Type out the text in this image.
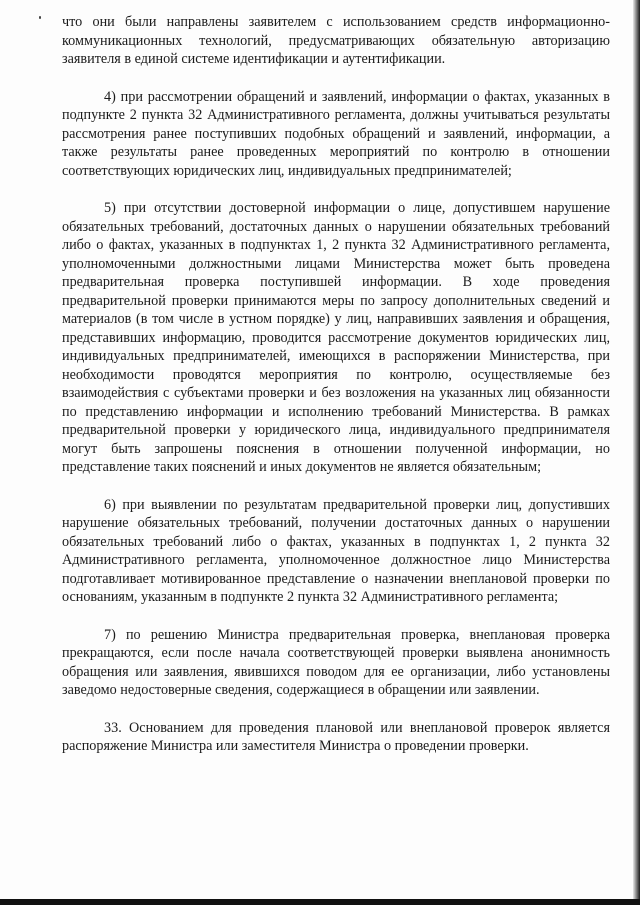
что они были направлены заявителем с использованием средств информационно-коммуникационных технологий, предусматривающих обязательную авторизацию заявителя в единой системе идентификации и аутентификации.

4) при рассмотрении обращений и заявлений, информации о фактах, указанных в подпункте 2 пункта 32 Административного регламента, должны учитываться результаты рассмотрения ранее поступивших подобных обращений и заявлений, информации, а также результаты ранее проведенных мероприятий по контролю в отношении соответствующих юридических лиц, индивидуальных предпринимателей;

5) при отсутствии достоверной информации о лице, допустившем нарушение обязательных требований, достаточных данных о нарушении обязательных требований либо о фактах, указанных в подпунктах 1, 2 пункта 32 Административного регламента, уполномоченными должностными лицами Министерства может быть проведена предварительная проверка поступившей информации. В ходе проведения предварительной проверки принимаются меры по запросу дополнительных сведений и материалов (в том числе в устном порядке) у лиц, направивших заявления и обращения, представивших информацию, проводится рассмотрение документов юридических лиц, индивидуальных предпринимателей, имеющихся в распоряжении Министерства, при необходимости проводятся мероприятия по контролю, осуществляемые без взаимодействия с субъектами проверки и без возложения на указанных лиц обязанности по представлению информации и исполнению требований Министерства. В рамках предварительной проверки у юридического лица, индивидуального предпринимателя могут быть запрошены пояснения в отношении полученной информации, но представление таких пояснений и иных документов не является обязательным;

6) при выявлении по результатам предварительной проверки лиц, допустивших нарушение обязательных требований, получении достаточных данных о нарушении обязательных требований либо о фактах, указанных в подпунктах 1, 2 пункта 32 Административного регламента, уполномоченное должностное лицо Министерства подготавливает мотивированное представление о назначении внеплановой проверки по основаниям, указанным в подпункте 2 пункта 32 Административного регламента;

7) по решению Министра предварительная проверка, внеплановая проверка прекращаются, если после начала соответствующей проверки выявлена анонимность обращения или заявления, явившихся поводом для ее организации, либо установлены заведомо недостоверные сведения, содержащиеся в обращении или заявлении.

33. Основанием для проведения плановой или внеплановой проверок является распоряжение Министра или заместителя Министра о проведении проверки.
